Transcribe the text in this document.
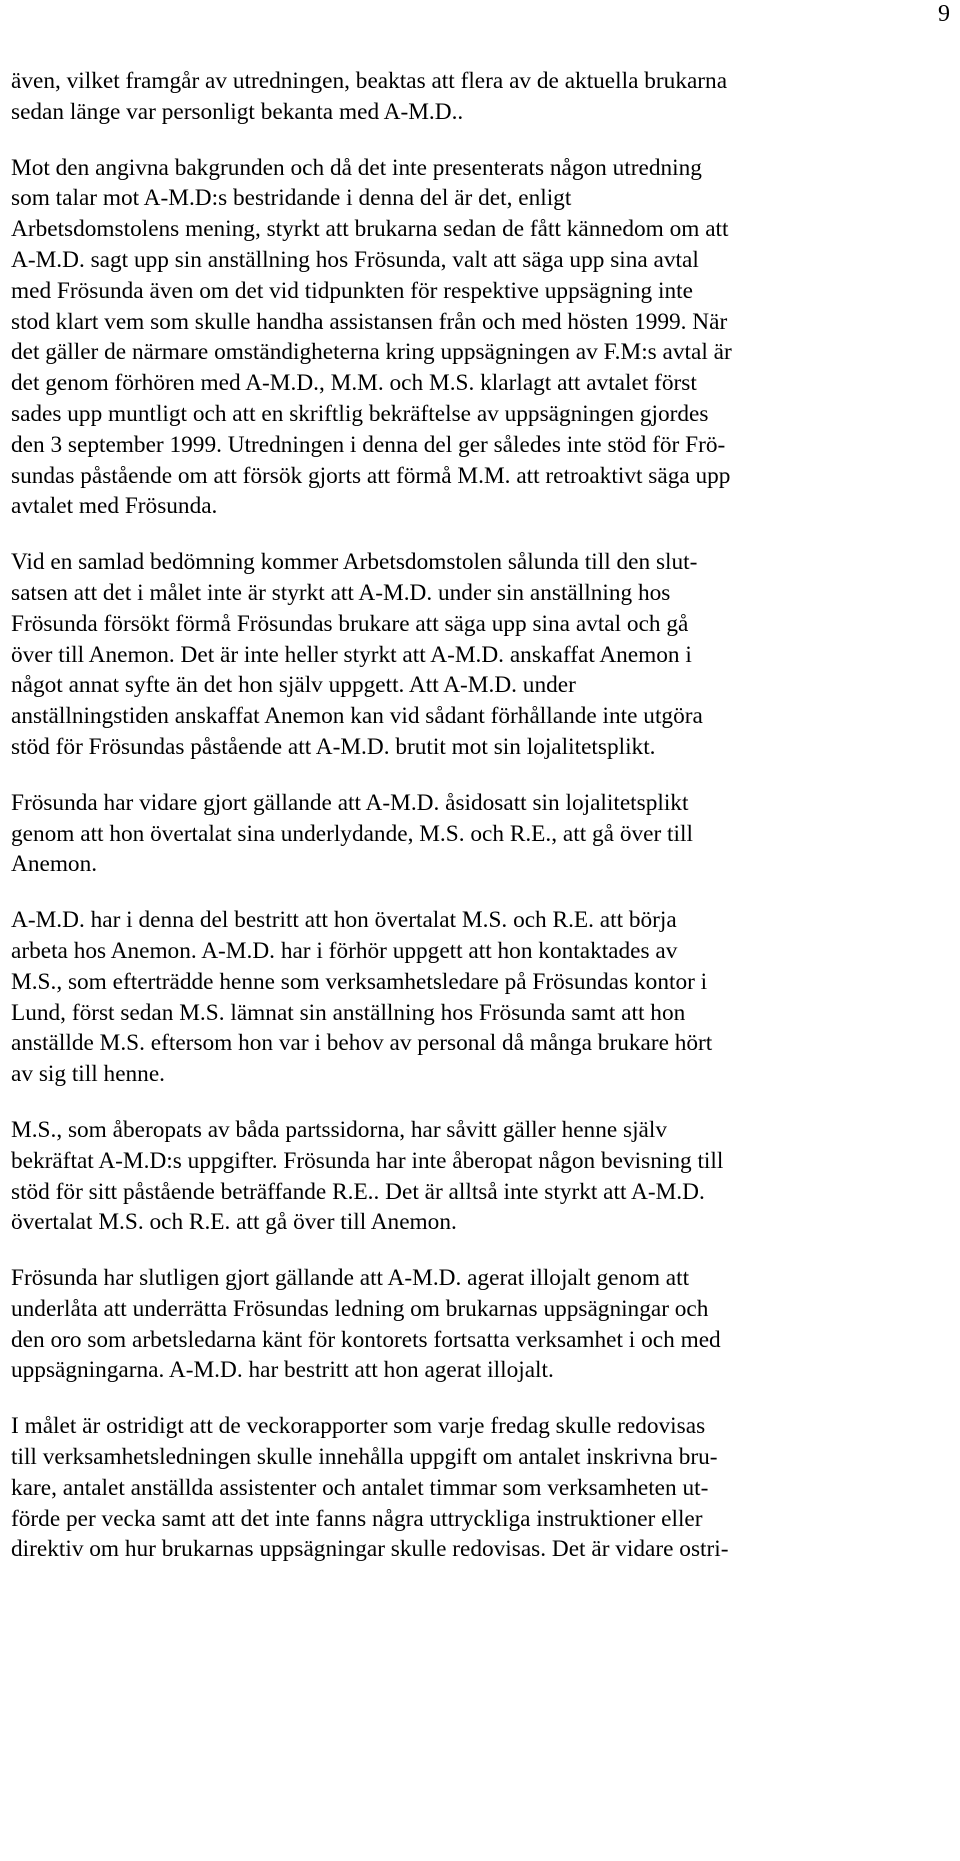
9
även, vilket framgår av utredningen, beaktas att flera av de aktuella brukarna
sedan länge var personligt bekanta med A-M.D..
Mot den angivna bakgrunden och då det inte presenterats någon utredning
som talar mot A-M.D:s bestridande i denna del är det, enligt
Arbetsdomstolens mening, styrkt att brukarna sedan de fått kännedom om att
A-M.D. sagt upp sin anställning hos Frösunda, valt att säga upp sina avtal
med Frösunda även om det vid tidpunkten för respektive uppsägning inte
stod klart vem som skulle handha assistansen från och med hösten 1999. När
det gäller de närmare omständigheterna kring uppsägningen av F.M:s avtal är
det genom förhören med A-M.D., M.M. och M.S. klarlagt att avtalet först
sades upp muntligt och att en skriftlig bekräftelse av uppsägningen gjordes
den 3 september 1999. Utredningen i denna del ger således inte stöd för Frö-
sundas påstående om att försök gjorts att förmå M.M. att retroaktivt säga upp
avtalet med Frösunda.
Vid en samlad bedömning kommer Arbetsdomstolen sålunda till den slut-
satsen att det i målet inte är styrkt att A-M.D. under sin anställning hos
Frösunda försökt förmå Frösundas brukare att säga upp sina avtal och gå
över till Anemon. Det är inte heller styrkt att A-M.D. anskaffat Anemon i
något annat syfte än det hon själv uppgett. Att A-M.D. under
anställningstiden anskaffat Anemon kan vid sådant förhållande inte utgöra
stöd för Frösundas påstående att A-M.D. brutit mot sin lojalitetsplikt.
Frösunda har vidare gjort gällande att A-M.D. åsidosatt sin lojalitetsplikt
genom att hon övertalat sina underlydande, M.S. och R.E., att gå över till
Anemon.
A-M.D. har i denna del bestritt att hon övertalat M.S. och R.E. att börja
arbeta hos Anemon. A-M.D. har i förhör uppgett att hon kontaktades av
M.S., som efterträdde henne som verksamhetsledare på Frösundas kontor i
Lund, först sedan M.S. lämnat sin anställning hos Frösunda samt att hon
anställde M.S. eftersom hon var i behov av personal då många brukare hört
av sig till henne.
M.S., som åberopats av båda partssidorna, har såvitt gäller henne själv
bekräftat A-M.D:s uppgifter. Frösunda har inte åberopat någon bevisning till
stöd för sitt påstående beträffande R.E.. Det är alltså inte styrkt att A-M.D.
övertalat M.S. och R.E. att gå över till Anemon.
Frösunda har slutligen gjort gällande att A-M.D. agerat illojalt genom att
underlåta att underrätta Frösundas ledning om brukarnas uppsägningar och
den oro som arbetsledarna känt för kontorets fortsatta verksamhet i och med
uppsägningarna. A-M.D. har bestritt att hon agerat illojalt.
I målet är ostridigt att de veckorapporter som varje fredag skulle redovisas
till verksamhetsledningen skulle innehålla uppgift om antalet inskrivna bru-
kare, antalet anställda assistenter och antalet timmar som verksamheten ut-
förde per vecka samt att det inte fanns några uttryckliga instruktioner eller
direktiv om hur brukarnas uppsägningar skulle redovisas. Det är vidare ostri-
